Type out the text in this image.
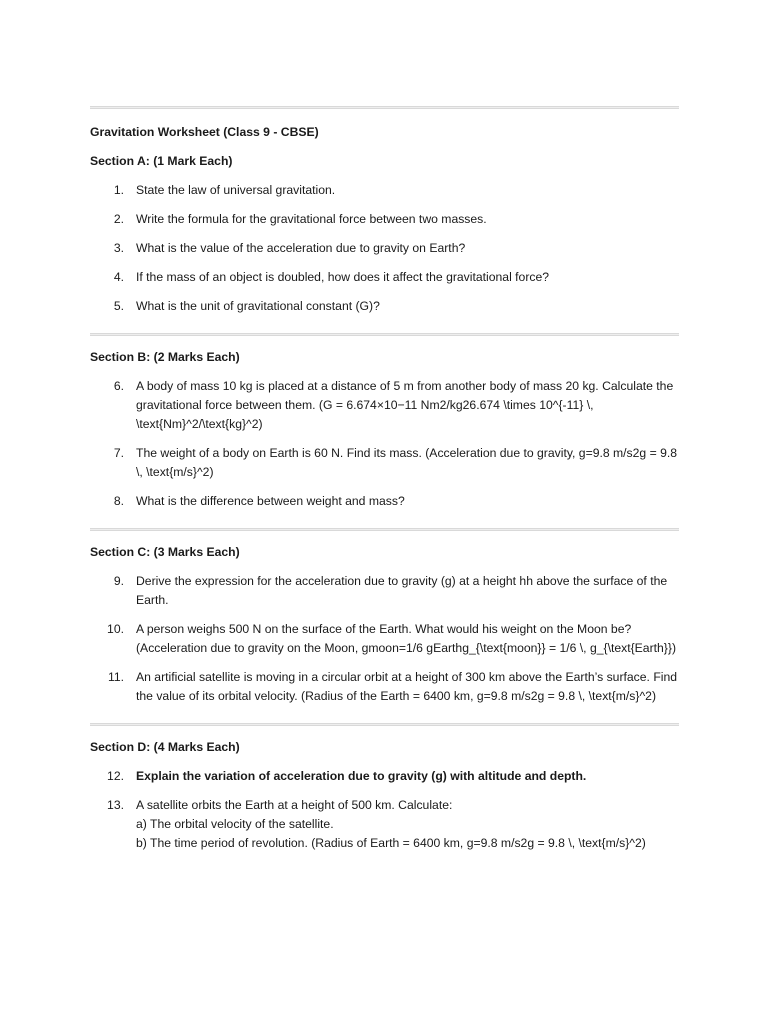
Gravitation Worksheet (Class 9 - CBSE)
Section A: (1 Mark Each)
1. State the law of universal gravitation.
2. Write the formula for the gravitational force between two masses.
3. What is the value of the acceleration due to gravity on Earth?
4. If the mass of an object is doubled, how does it affect the gravitational force?
5. What is the unit of gravitational constant (G)?
Section B: (2 Marks Each)
6. A body of mass 10 kg is placed at a distance of 5 m from another body of mass 20 kg. Calculate the gravitational force between them. (G = 6.674×10−11 Nm2/kg26.674 \times 10^{-11} \, \text{Nm}^2/\text{kg}^2)
7. The weight of a body on Earth is 60 N. Find its mass. (Acceleration due to gravity, g=9.8 m/s2g = 9.8 \, \text{m/s}^2)
8. What is the difference between weight and mass?
Section C: (3 Marks Each)
9. Derive the expression for the acceleration due to gravity (g) at a height hh above the surface of the Earth.
10. A person weighs 500 N on the surface of the Earth. What would his weight on the Moon be? (Acceleration due to gravity on the Moon, gmoon=1/6 gEarthg_{\text{moon}} = 1/6 \, g_{\text{Earth}})
11. An artificial satellite is moving in a circular orbit at a height of 300 km above the Earth’s surface. Find the value of its orbital velocity. (Radius of the Earth = 6400 km, g=9.8 m/s2g = 9.8 \, \text{m/s}^2)
Section D: (4 Marks Each)
12. Explain the variation of acceleration due to gravity (g) with altitude and depth.
13. A satellite orbits the Earth at a height of 500 km. Calculate:
a) The orbital velocity of the satellite.
b) The time period of revolution. (Radius of Earth = 6400 km, g=9.8 m/s2g = 9.8 \, \text{m/s}^2)
